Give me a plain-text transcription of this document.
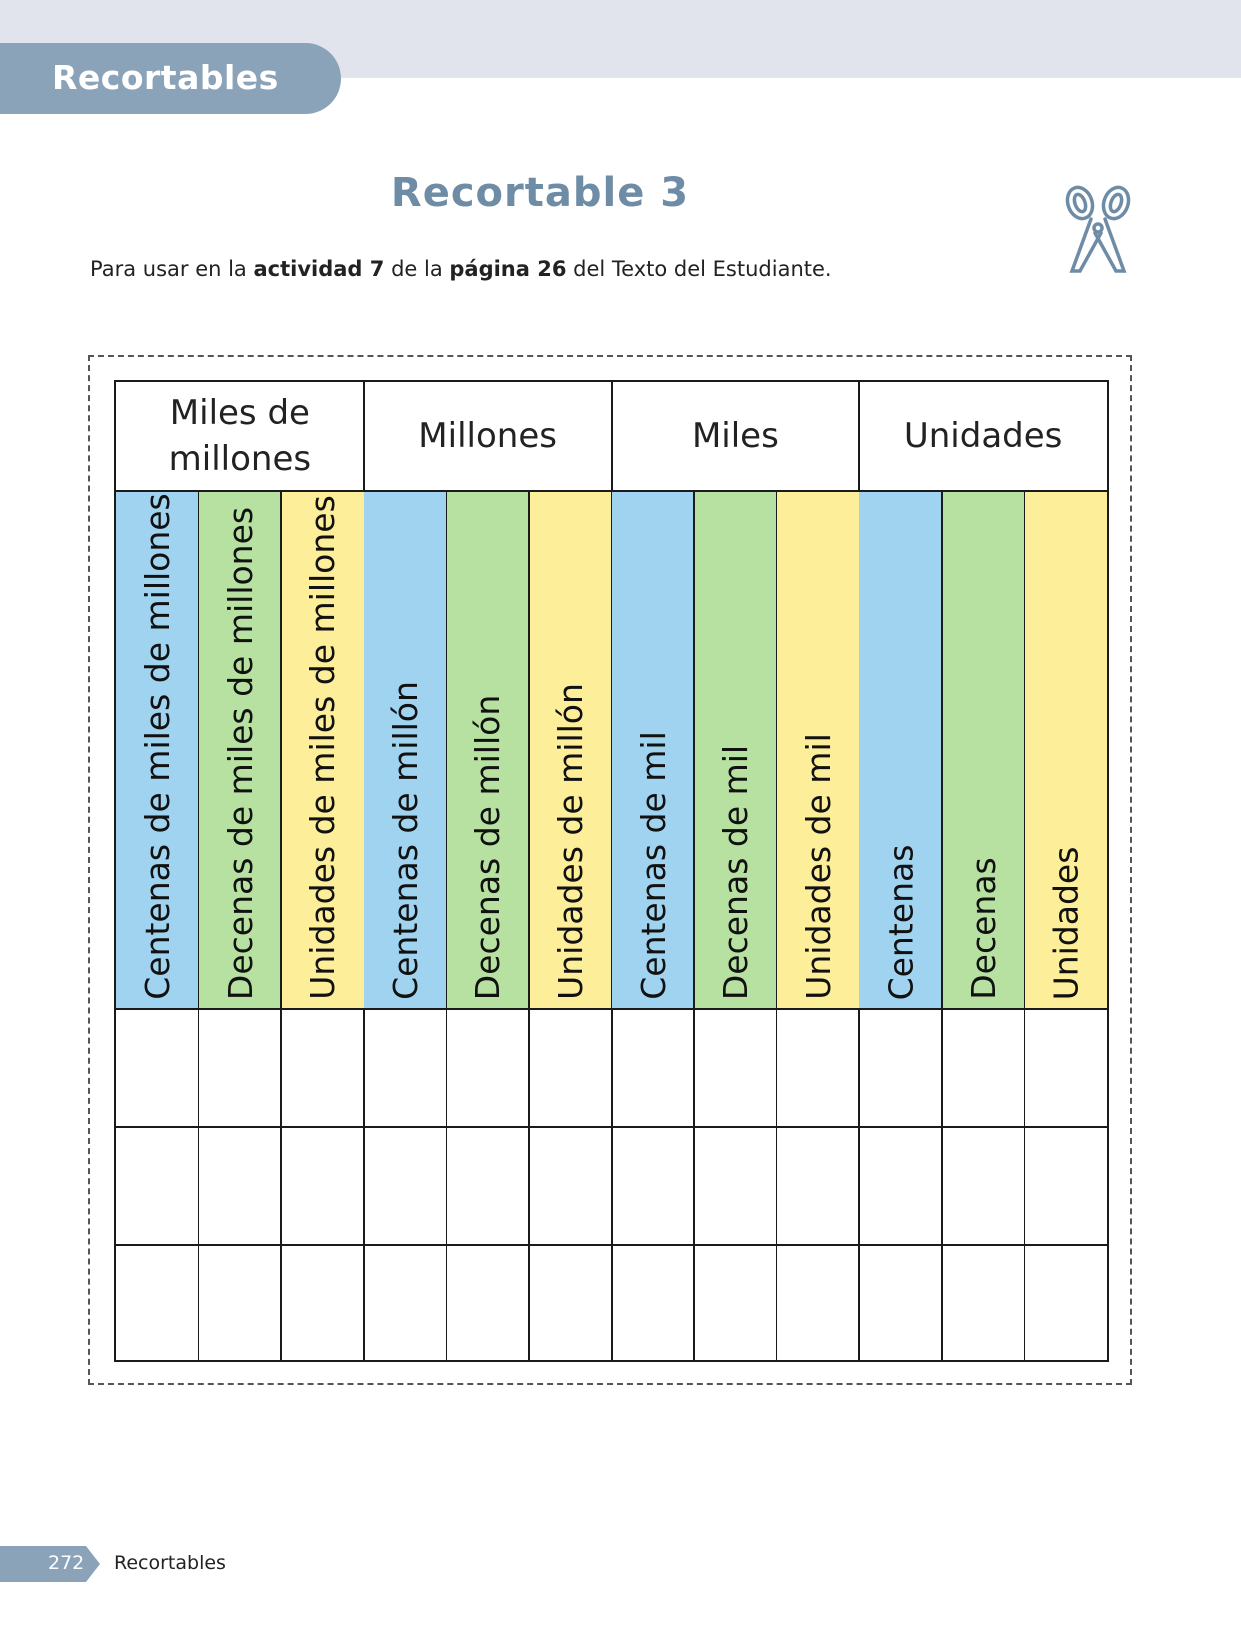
Recortables
Recortable 3
Para usar en la actividad 7 de la página 26 del Texto del Estudiante.
Miles de
millones
Millones	Miles	Unidades
Centenas de miles de millones Decenas de miles de millones Unidades de miles de millones Centenas de millón Decenas de millón Unidades de millón Centenas de mil Decenas de mil Unidades de mil Centenas Decenas Unidades
272 Recortables
